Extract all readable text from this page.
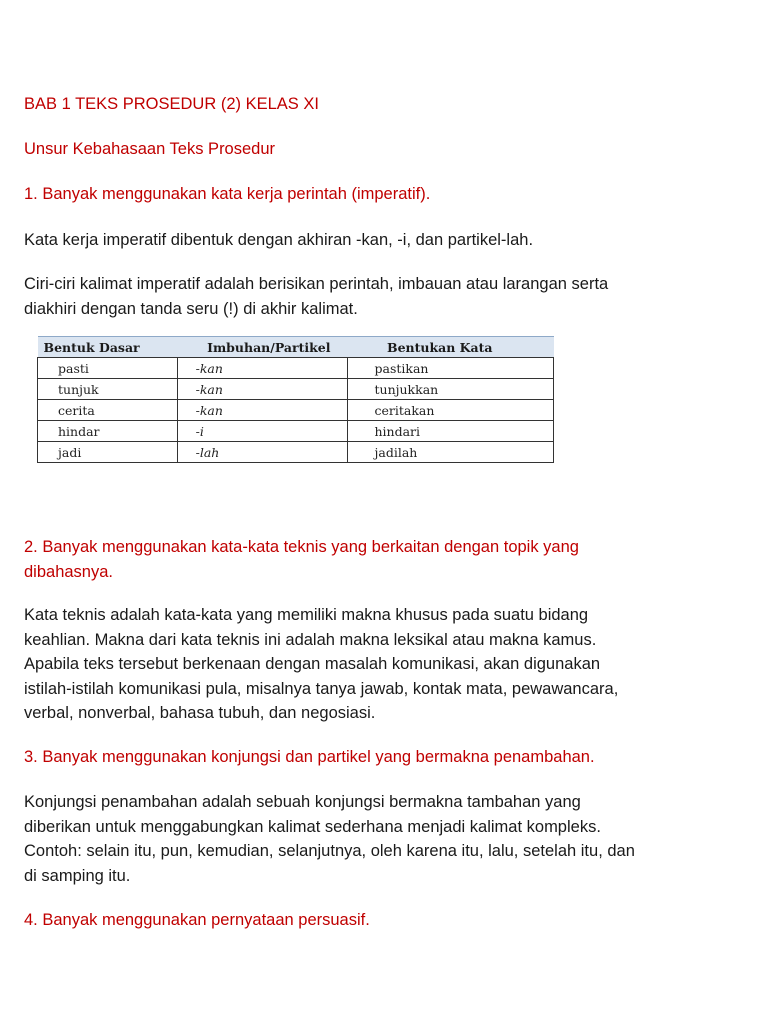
BAB 1 TEKS PROSEDUR (2) KELAS XI

Unsur Kebahasaan Teks Prosedur

1. Banyak menggunakan kata kerja perintah (imperatif).

Kata kerja imperatif dibentuk dengan akhiran -kan, -i, dan partikel-lah.

Ciri-ciri kalimat imperatif adalah berisikan perintah, imbauan atau larangan serta
diakhiri dengan tanda seru (!) di akhir kalimat.
Bentuk Dasar	Imbuhan/Partikel	Bentukan Kata
pasti	-kan	pastikan
tunjuk	-kan	tunjukkan
cerita	-kan	ceritakan
hindar	-i	hindari
jadi	-lah	jadilah
2. Banyak menggunakan kata-kata teknis yang berkaitan dengan topik yang
dibahasnya.
Kata teknis adalah kata-kata yang memiliki makna khusus pada suatu bidang
keahlian. Makna dari kata teknis ini adalah makna leksikal atau makna kamus.
Apabila teks tersebut berkenaan dengan masalah komunikasi, akan digunakan
istilah-istilah komunikasi pula, misalnya tanya jawab, kontak mata, pewawancara,
verbal, nonverbal, bahasa tubuh, dan negosiasi.

3. Banyak menggunakan konjungsi dan partikel yang bermakna penambahan.

Konjungsi penambahan adalah sebuah konjungsi bermakna tambahan yang
diberikan untuk menggabungkan kalimat sederhana menjadi kalimat kompleks.
Contoh: selain itu, pun, kemudian, selanjutnya, oleh karena itu, lalu, setelah itu, dan
di samping itu.

4. Banyak menggunakan pernyataan persuasif.
